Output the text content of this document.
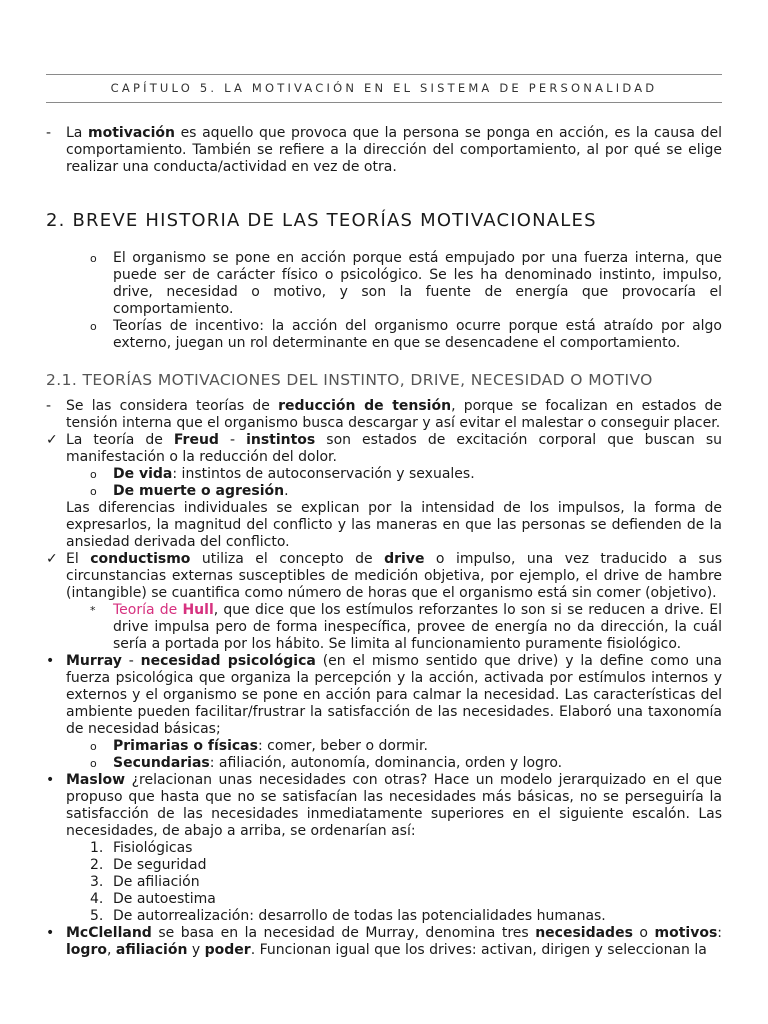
CAPÍTULO 5. LA MOTIVACIÓN EN EL SISTEMA DE PERSONALIDAD
-	La motivación es aquello que provoca que la persona se ponga en acción, es la causa del comportamiento. También se refiere a la dirección del comportamiento, al por qué se elige realizar una conducta/actividad en vez de otra.
2. BREVE HISTORIA DE LAS TEORÍAS MOTIVACIONALES
o	El organismo se pone en acción porque está empujado por una fuerza interna, que puede ser de carácter físico o psicológico. Se les ha denominado instinto, impulso, drive, necesidad o motivo, y son la fuente de energía que provocaría el comportamiento.
o	Teorías de incentivo: la acción del organismo ocurre porque está atraído por algo externo, juegan un rol determinante en que se desencadene el comportamiento.
2.1. TEORÍAS MOTIVACIONES DEL INSTINTO, DRIVE, NECESIDAD O MOTIVO
-	Se las considera teorías de reducción de tensión, porque se focalizan en estados de tensión interna que el organismo busca descargar y así evitar el malestar o conseguir placer.
✓ La teoría de Freud - instintos son estados de excitación corporal que buscan su manifestación o la reducción del dolor.
o	De vida: instintos de autoconservación y sexuales.
o	De muerte o agresión.
Las diferencias individuales se explican por la intensidad de los impulsos, la forma de expresarlos, la magnitud del conflicto y las maneras en que las personas se defienden de la ansiedad derivada del conflicto.
✓ El conductismo utiliza el concepto de drive o impulso, una vez traducido a sus circunstancias externas susceptibles de medición objetiva, por ejemplo, el drive de hambre (intangible) se cuantifica como número de horas que el organismo está sin comer (objetivo).
*	Teoría de Hull, que dice que los estímulos reforzantes lo son si se reducen a drive. El drive impulsa pero de forma inespecífica, provee de energía no da dirección, la cuál sería a portada por los hábito. Se limita al funcionamiento puramente fisiológico.
• Murray - necesidad psicológica (en el mismo sentido que drive) y la define como una fuerza psicológica que organiza la percepción y la acción, activada por estímulos internos y externos y el organismo se pone en acción para calmar la necesidad. Las características del ambiente pueden facilitar/frustrar la satisfacción de las necesidades. Elaboró una taxonomía de necesidad básicas;
o	Primarias o físicas: comer, beber o dormir.
o	Secundarias: afiliación, autonomía, dominancia, orden y logro.
• Maslow ¿relacionan unas necesidades con otras? Hace un modelo jerarquizado en el que propuso que hasta que no se satisfacían las necesidades más básicas, no se perseguiría la satisfacción de las necesidades inmediatamente superiores en el siguiente escalón. Las necesidades, de abajo a arriba, se ordenarían así:
1. Fisiológicas
2. De seguridad
3. De afiliación
4. De autoestima
5. De autorrealización: desarrollo de todas las potencialidades humanas.
• McClelland se basa en la necesidad de Murray, denomina tres necesidades o motivos: logro, afiliación y poder. Funcionan igual que los drives: activan, dirigen y seleccionan la
